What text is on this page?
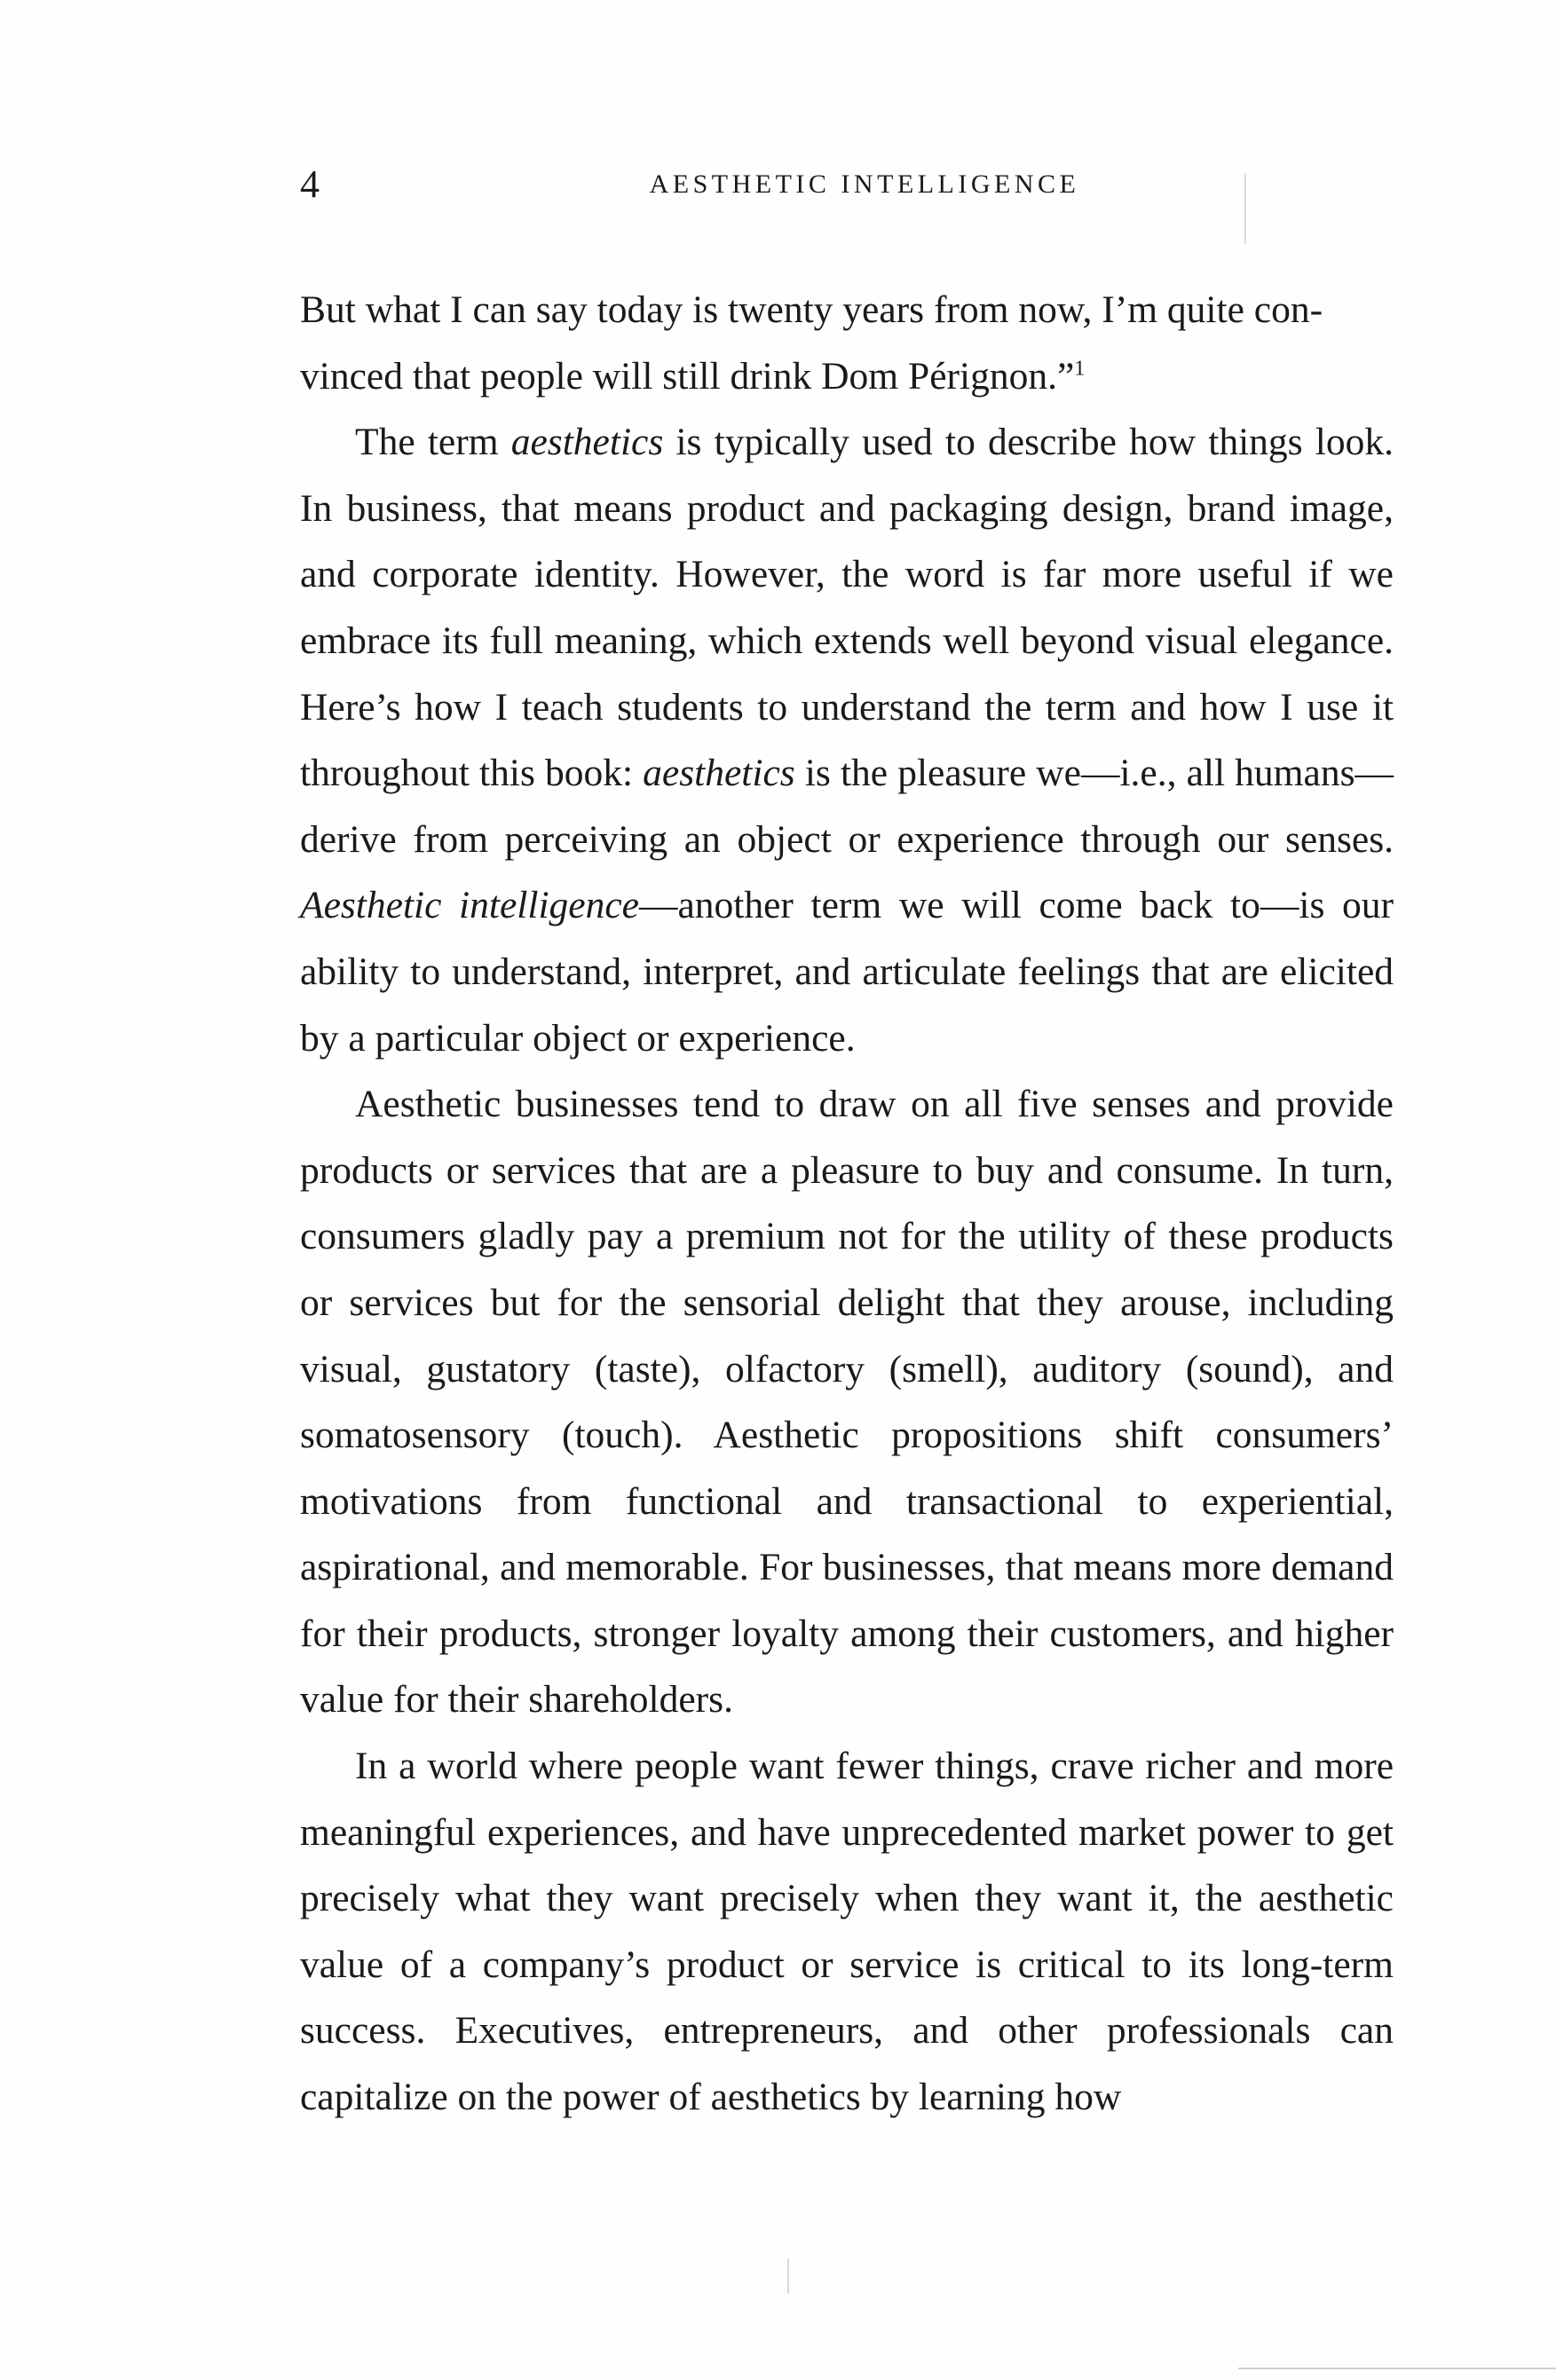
4	AESTHETIC INTELLIGENCE

But what I can say today is twenty years from now, I’m quite con-
vinced that people will still drink Dom Pérignon.”$^1$

The term aesthetics is typically used to describe how things look. In business, that means product and packaging design, brand image, and corporate identity. However, the word is far more useful if we embrace its full meaning, which extends well beyond visual elegance. Here’s how I teach students to understand the term and how I use it throughout this book: aesthetics is the pleasure we—i.e., all humans—derive from perceiving an object or experience through our senses. Aesthetic intelligence—another term we will come back to—is our ability to understand, interpret, and articulate feelings that are elicited by a particular object or experience.

Aesthetic businesses tend to draw on all five senses and provide products or services that are a pleasure to buy and consume. In turn, consumers gladly pay a premium not for the utility of these products or services but for the sensorial delight that they arouse, including visual, gustatory (taste), olfactory (smell), auditory (sound), and somatosensory (touch). Aesthetic propositions shift consumers’ motivations from functional and transactional to experiential, aspirational, and memorable. For businesses, that means more demand for their products, stronger loyalty among their customers, and higher value for their shareholders.

In a world where people want fewer things, crave richer and more meaningful experiences, and have unprecedented market power to get precisely what they want precisely when they want it, the aesthetic value of a company’s product or service is critical to its long-term success. Executives, entrepreneurs, and other professionals can capitalize on the power of aesthetics by learning how
